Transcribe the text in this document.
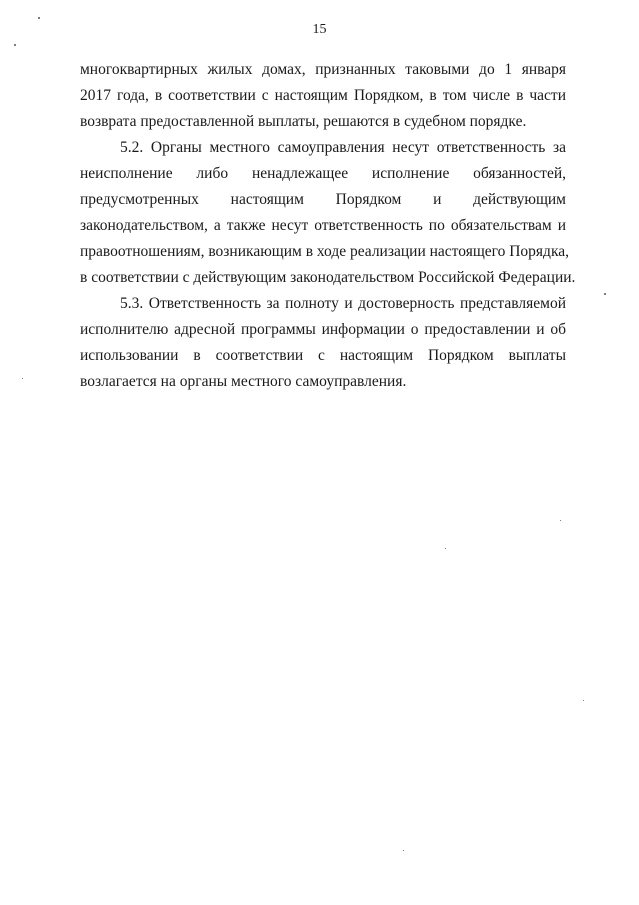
15

многоквартирных жилых домах, признанных таковыми до 1 января
2017 года, в соответствии с настоящим Порядком, в том числе в части
возврата предоставленной выплаты, решаются в судебном порядке.

5.2. Органы местного самоуправления несут ответственность за
неисполнение либо ненадлежащее исполнение обязанностей,
предусмотренных настоящим Порядком и действующим
законодательством, а также несут ответственность по обязательствам и
правоотношениям, возникающим в ходе реализации настоящего Порядка,
в соответствии с действующим законодательством Российской Федерации.

5.3. Ответственность за полноту и достоверность представляемой
исполнителю адресной программы информации о предоставлении и об
использовании в соответствии с настоящим Порядком выплаты
возлагается на органы местного самоуправления.
